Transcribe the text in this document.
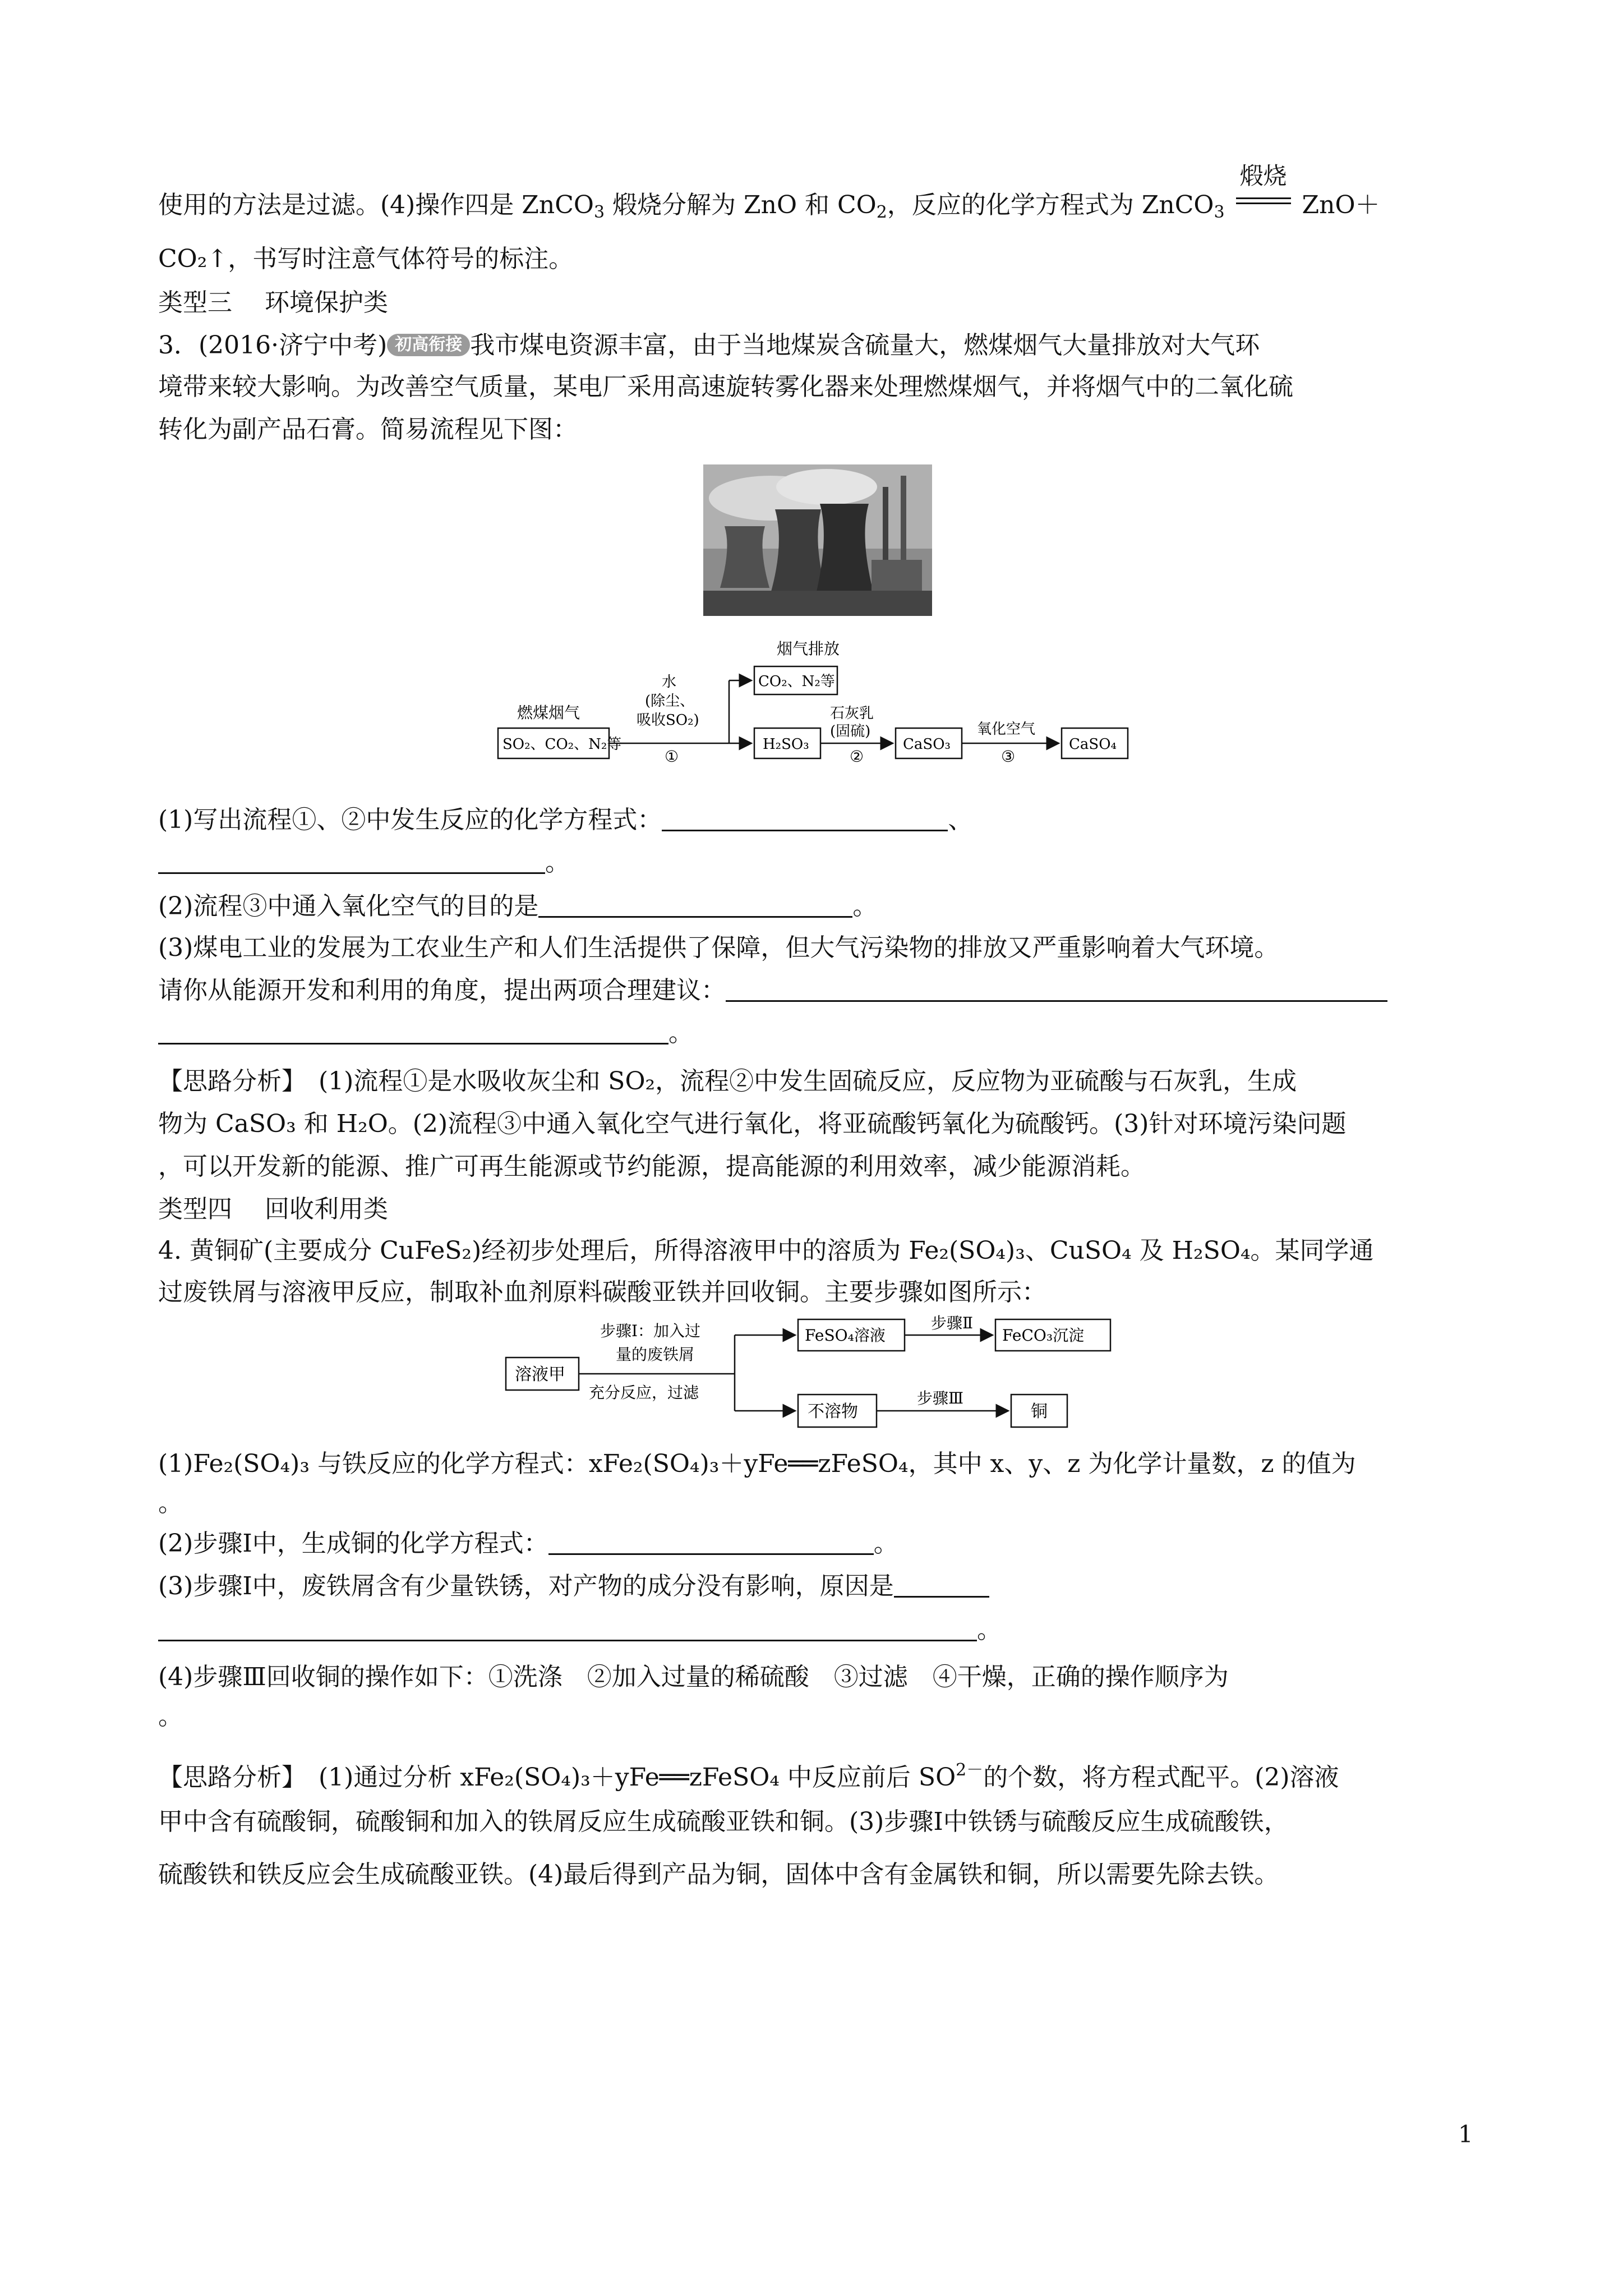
使用的方法是过滤。(4)操作四是 ZnCO$_3$ 煅烧分解为 ZnO 和 $CO_2$，反应的化学方程式为 ZnCO$_3$
煅烧
ZnO＋
CO₂↑，书写时注意气体符号的标注。
类型三　 环境保护类
3．(2016·济宁中考) 初高衔接 我市煤电资源丰富，由于当地煤炭含硫量大，燃煤烟气大量排放对大气环
境带来较大影响。为改善空气质量，某电厂采用高速旋转雾化器来处理燃煤烟气，并将烟气中的二氧化硫
转化为副产品石膏。简易流程见下图：
烟气排放
CO₂、N₂等
燃煤烟气
SO₂、CO₂、N₂等
水
(除尘、
吸收SO₂)
①
H₂SO₃
石灰乳
(固硫)
②
CaSO₃
氧化空气
③
CaSO₄
(1)写出流程①、②中发生反应的化学方程式：	、
。
(2)流程③中通入氧化空气的目的是	。
(3)煤电工业的发展为工农业生产和人们生活提供了保障，但大气污染物的排放又严重影响着大气环境。
请你从能源开发和利用的角度，提出两项合理建议：
。
【思路分析】　(1)流程①是水吸收灰尘和 SO₂，流程②中发生固硫反应，反应物为亚硫酸与石灰乳，生成
物为 CaSO₃ 和 H₂O。(2)流程③中通入氧化空气进行氧化，将亚硫酸钙氧化为硫酸钙。(3)针对环境污染问题
，可以开发新的能源、推广可再生能源或节约能源，提高能源的利用效率，减少能源消耗。
类型四　 回收利用类
4. 黄铜矿(主要成分 CuFeS₂)经初步处理后，所得溶液甲中的溶质为 Fe₂(SO₄)₃、CuSO₄ 及 H₂SO₄。某同学通
过废铁屑与溶液甲反应，制取补血剂原料碳酸亚铁并回收铜。主要步骤如图所示：
溶液甲
步骤Ⅰ：加入过
量的废铁屑
充分反应，过滤
FeSO₄溶液
步骤Ⅱ
FeCO₃沉淀
不溶物
步骤Ⅲ
铜
(1)Fe₂(SO₄)₃ 与铁反应的化学方程式：xFe₂(SO₄)₃＋yFe══zFeSO₄，其中 x、y、z 为化学计量数，z 的值为
。
(2)步骤Ⅰ中，生成铜的化学方程式：	。
(3)步骤Ⅰ中，废铁屑含有少量铁锈，对产物的成分没有影响，原因是
。
(4)步骤Ⅲ回收铜的操作如下：①洗涤　②加入过量的稀硫酸　③过滤　④干燥，正确的操作顺序为
。
【思路分析】　(1)通过分析 xFe₂(SO₄)₃＋yFe══zFeSO₄ 中反应前后 $SO^{2-}$的个数，将方程式配平。(2)溶液
甲中含有硫酸铜，硫酸铜和加入的铁屑反应生成硫酸亚铁和铜。(3)步骤Ⅰ中铁锈与硫酸反应生成硫酸铁，
硫酸铁和铁反应会生成硫酸亚铁。(4)最后得到产品为铜，固体中含有金属铁和铜，所以需要先除去铁。
1
